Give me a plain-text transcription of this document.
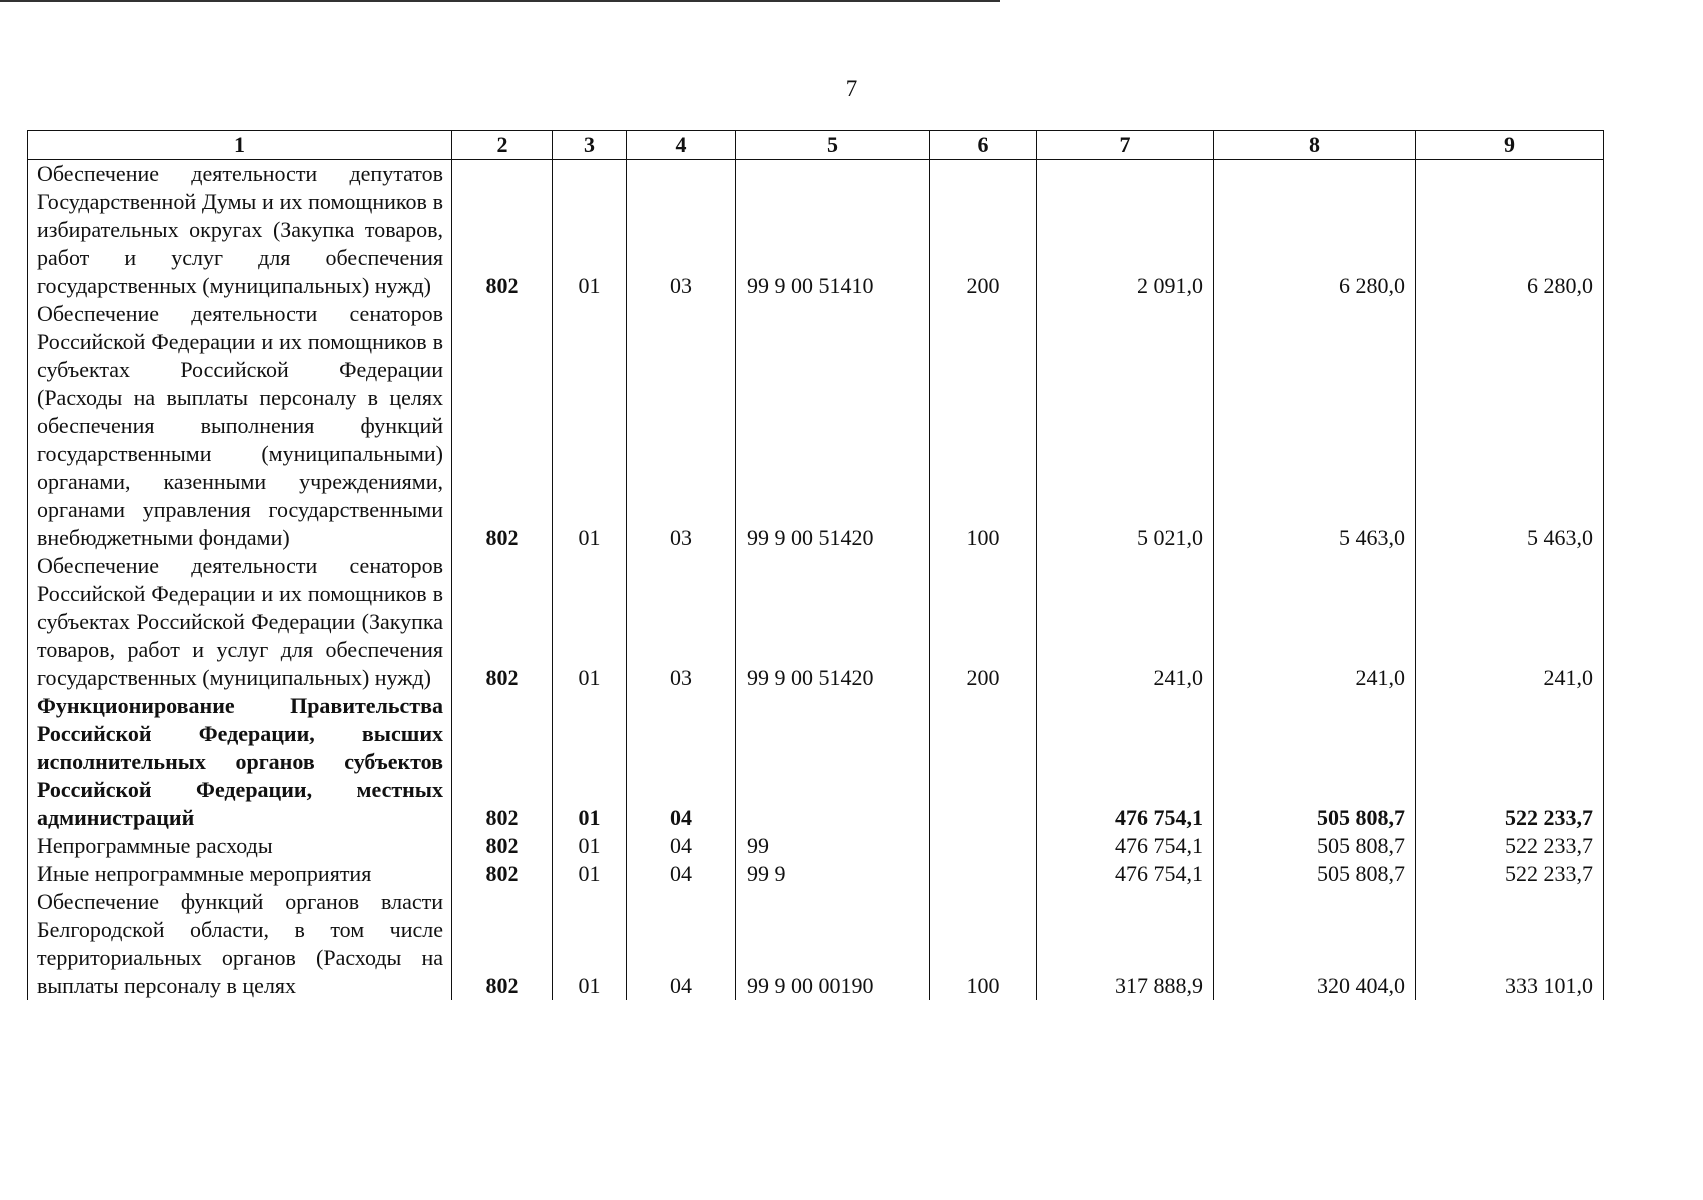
7
1	2	3	4	5	6	7	8	9
Обеспечение деятельности депутатов Государственной Думы и их помощников в избирательных округах (Закупка товаров, работ и услуг для обеспечения государственных (муниципальных) нужд)	802	01	03	99 9 00 51410	200	2 091,0	6 280,0	6 280,0
Обеспечение деятельности сенаторов Российской Федерации и их помощников в субъектах Российской Федерации (Расходы на выплаты персоналу в целях обеспечения выполнения функций государственными (муниципальными) органами, казенными учреждениями, органами управления государственными внебюджетными фондами)	802	01	03	99 9 00 51420	100	5 021,0	5 463,0	5 463,0
Обеспечение деятельности сенаторов Российской Федерации и их помощников в субъектах Российской Федерации (Закупка товаров, работ и услуг для обеспечения государственных (муниципальных) нужд)	802	01	03	99 9 00 51420	200	241,0	241,0	241,0
Функционирование Правительства Российской Федерации, высших исполнительных органов субъектов Российской Федерации, местных администраций	802	01	04			476 754,1	505 808,7	522 233,7
Непрограммные расходы	802	01	04	99		476 754,1	505 808,7	522 233,7
Иные непрограммные мероприятия	802	01	04	99 9		476 754,1	505 808,7	522 233,7
Обеспечение функций органов власти Белгородской области, в том числе территориальных органов (Расходы на выплаты персоналу в целях	802	01	04	99 9 00 00190	100	317 888,9	320 404,0	333 101,0
